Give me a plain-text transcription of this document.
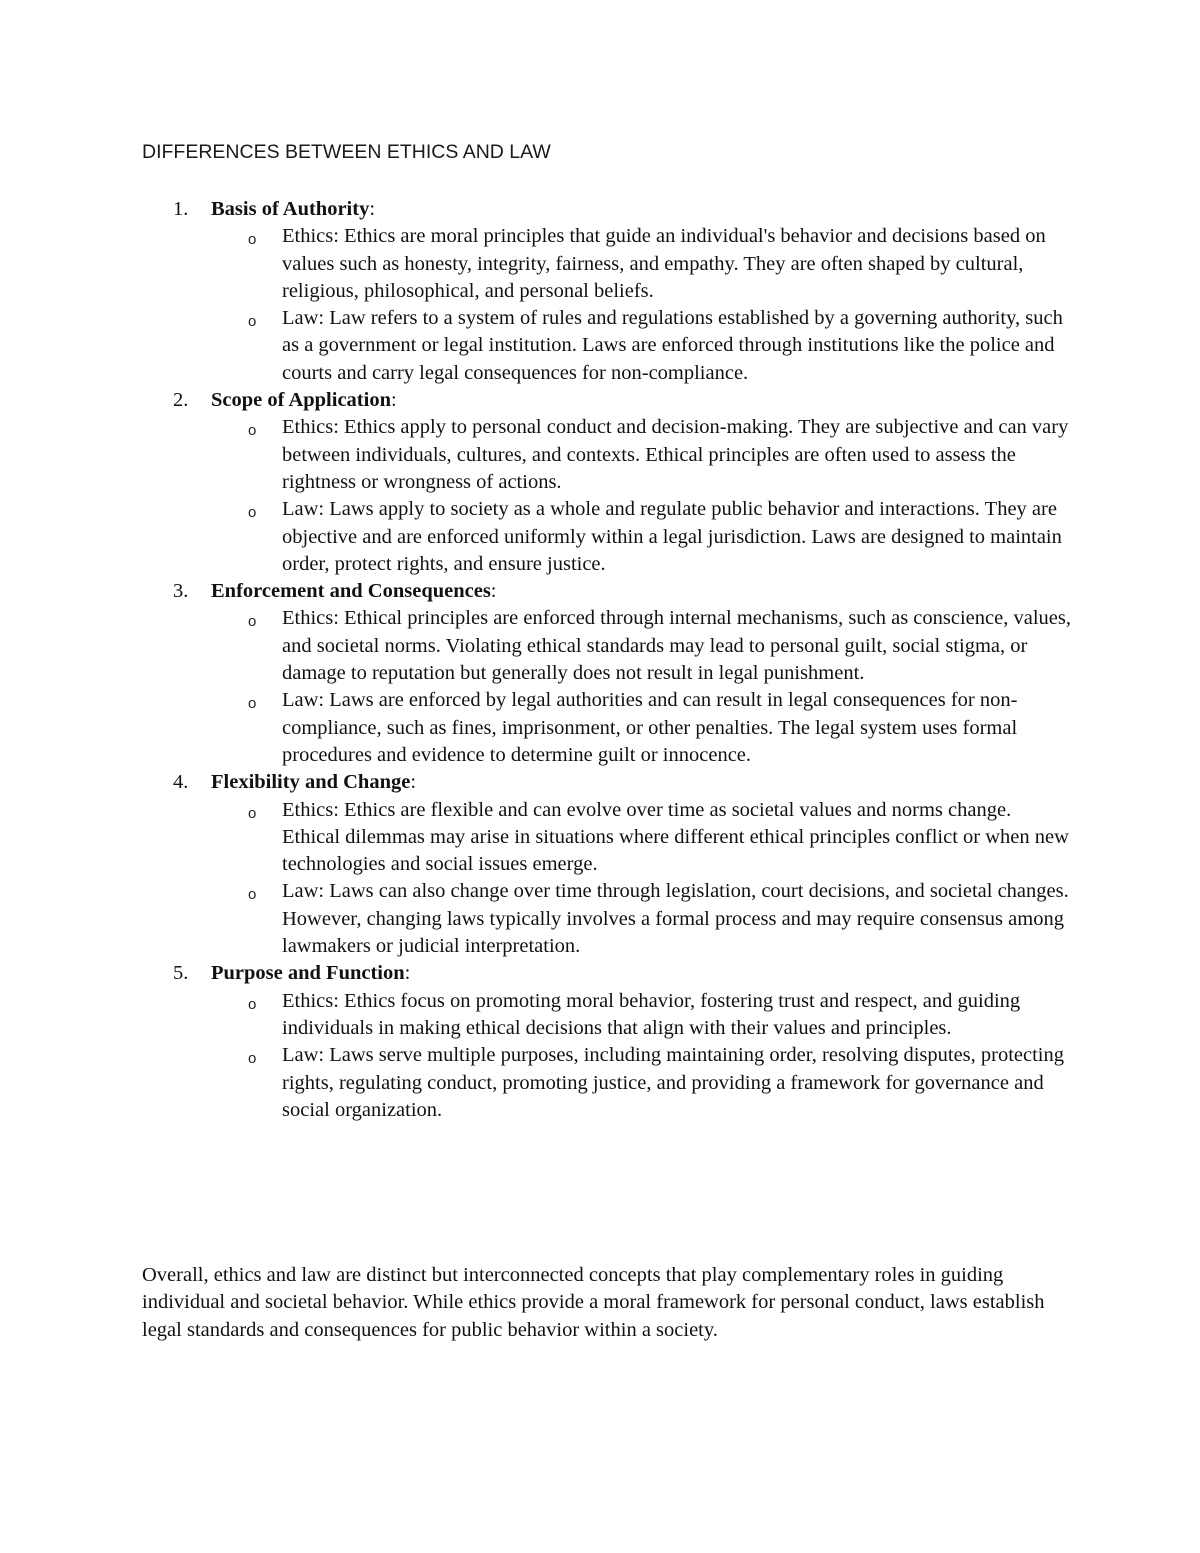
DIFFERENCES BETWEEN ETHICS AND LAW
1. Basis of Authority:
o Ethics: Ethics are moral principles that guide an individual's behavior and decisions based on values such as honesty, integrity, fairness, and empathy. They are often shaped by cultural, religious, philosophical, and personal beliefs.
o Law: Law refers to a system of rules and regulations established by a governing authority, such as a government or legal institution. Laws are enforced through institutions like the police and courts and carry legal consequences for non-compliance.
2. Scope of Application:
o Ethics: Ethics apply to personal conduct and decision-making. They are subjective and can vary between individuals, cultures, and contexts. Ethical principles are often used to assess the rightness or wrongness of actions.
o Law: Laws apply to society as a whole and regulate public behavior and interactions. They are objective and are enforced uniformly within a legal jurisdiction. Laws are designed to maintain order, protect rights, and ensure justice.
3. Enforcement and Consequences:
o Ethics: Ethical principles are enforced through internal mechanisms, such as conscience, values, and societal norms. Violating ethical standards may lead to personal guilt, social stigma, or damage to reputation but generally does not result in legal punishment.
o Law: Laws are enforced by legal authorities and can result in legal consequences for non-compliance, such as fines, imprisonment, or other penalties. The legal system uses formal procedures and evidence to determine guilt or innocence.
4. Flexibility and Change:
o Ethics: Ethics are flexible and can evolve over time as societal values and norms change. Ethical dilemmas may arise in situations where different ethical principles conflict or when new technologies and social issues emerge.
o Law: Laws can also change over time through legislation, court decisions, and societal changes. However, changing laws typically involves a formal process and may require consensus among lawmakers or judicial interpretation.
5. Purpose and Function:
o Ethics: Ethics focus on promoting moral behavior, fostering trust and respect, and guiding individuals in making ethical decisions that align with their values and principles.
o Law: Laws serve multiple purposes, including maintaining order, resolving disputes, protecting rights, regulating conduct, promoting justice, and providing a framework for governance and social organization.
Overall, ethics and law are distinct but interconnected concepts that play complementary roles in guiding individual and societal behavior. While ethics provide a moral framework for personal conduct, laws establish legal standards and consequences for public behavior within a society.
